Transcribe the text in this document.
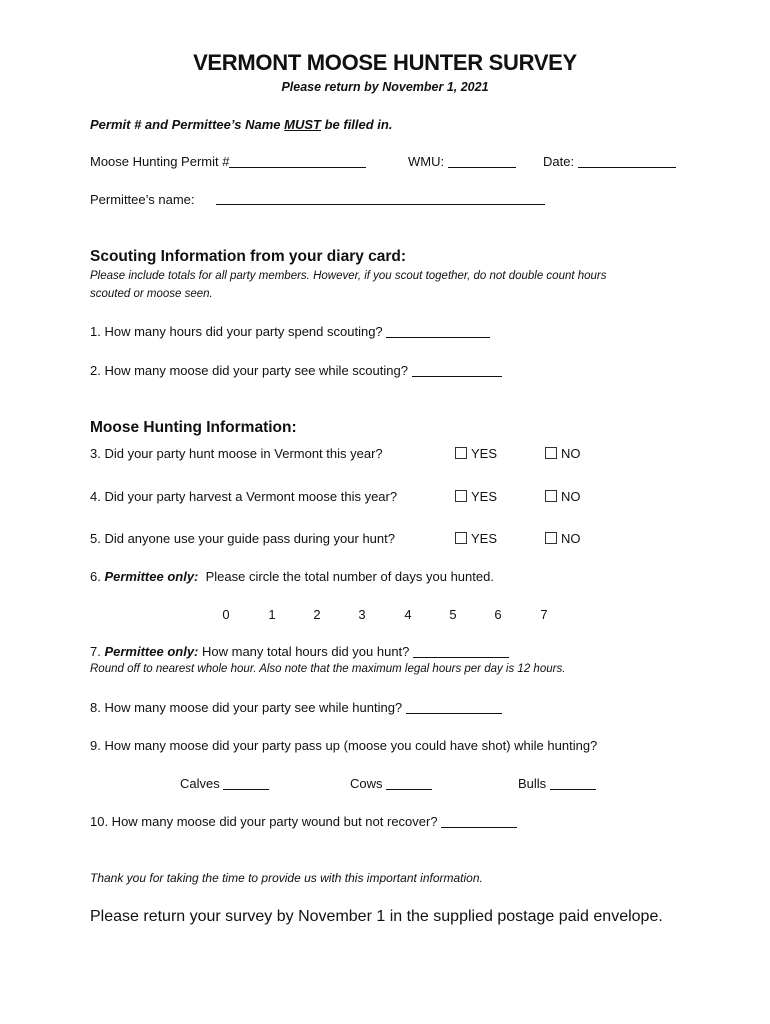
VERMONT MOOSE HUNTER SURVEY
Please return by November 1, 2021
Permit # and Permittee’s Name MUST be filled in.
Moose Hunting Permit #	WMU:	Date:
Permittee’s name:
Scouting Information from your diary card:
Please include totals for all party members. However, if you scout together, do not double count hours
scouted or moose seen.
1. How many hours did your party spend scouting?
2. How many moose did your party see while scouting?
Moose Hunting Information:
3. Did your party hunt moose in Vermont this year?	YES	NO
4. Did your party harvest a Vermont moose this year?	YES	NO
5. Did anyone use your guide pass during your hunt?	YES	NO
6. Permittee only:  Please circle the total number of days you hunted.
0	1	2	3	4	5	6	7
7. Permittee only: How many total hours did you hunt?
Round off to nearest whole hour. Also note that the maximum legal hours per day is 12 hours.
8. How many moose did your party see while hunting?
9. How many moose did your party pass up (moose you could have shot) while hunting?
Calves	Cows	Bulls
10. How many moose did your party wound but not recover?
Thank you for taking the time to provide us with this important information.
Please return your survey by November 1 in the supplied postage paid envelope.
